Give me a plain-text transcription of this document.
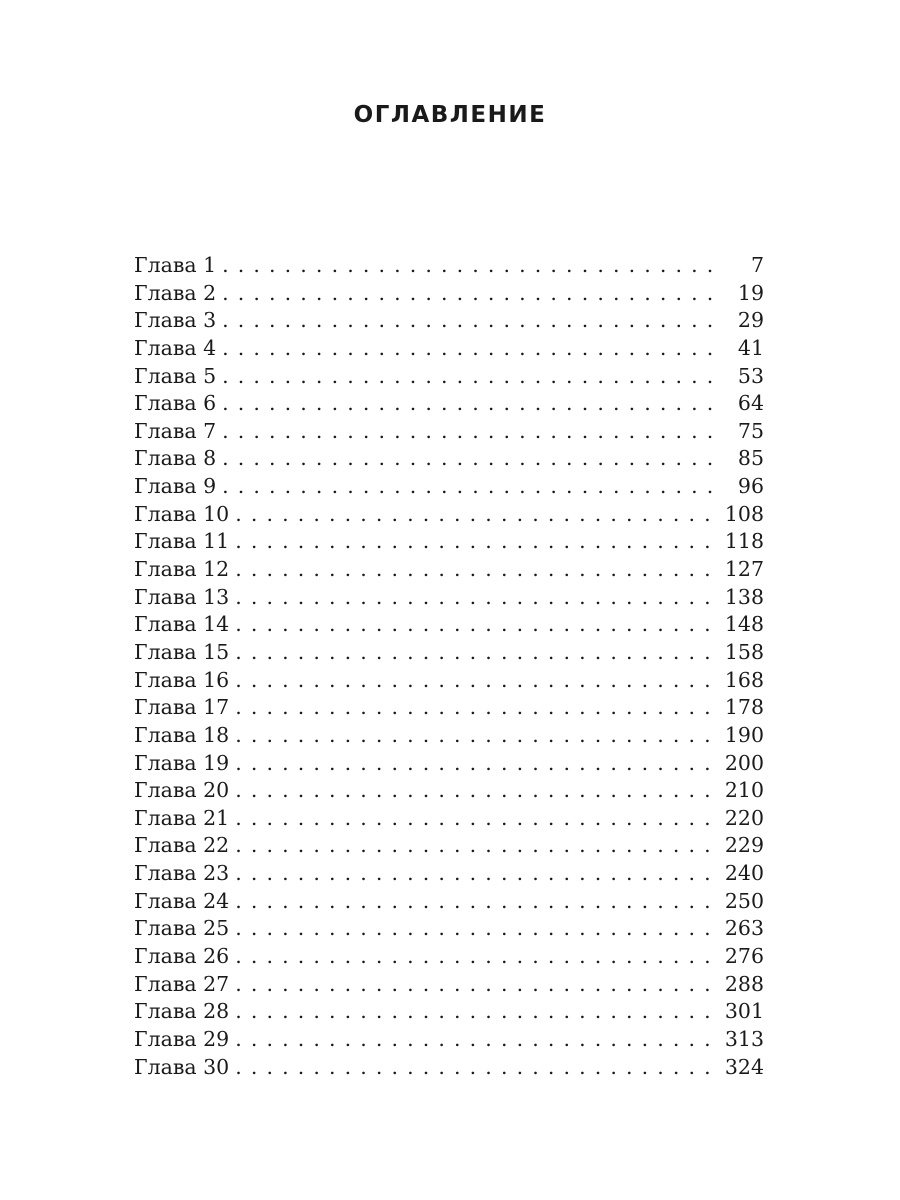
ОГЛАВЛЕНИЕ
Глава 1 . . .	7
Глава 2 . . .	19
Глава 3 . . .	29
Глава 4 . . .	41
Глава 5 . . .	53
Глава 6 . . .	64
Глава 7 . . .	75
Глава 8 . . .	85
Глава 9 . . .	96
Глава 10 . . .	108
Глава 11 . . .	118
Глава 12 . . .	127
Глава 13 . . .	138
Глава 14 . . .	148
Глава 15 . . .	158
Глава 16 . . .	168
Глава 17 . . .	178
Глава 18 . . .	190
Глава 19 . . .	200
Глава 20 . . .	210
Глава 21 . . .	220
Глава 22 . . .	229
Глава 23 . . .	240
Глава 24 . . .	250
Глава 25 . . .	263
Глава 26 . . .	276
Глава 27 . . .	288
Глава 28 . . .	301
Глава 29 . . .	313
Глава 30 . . .	324
